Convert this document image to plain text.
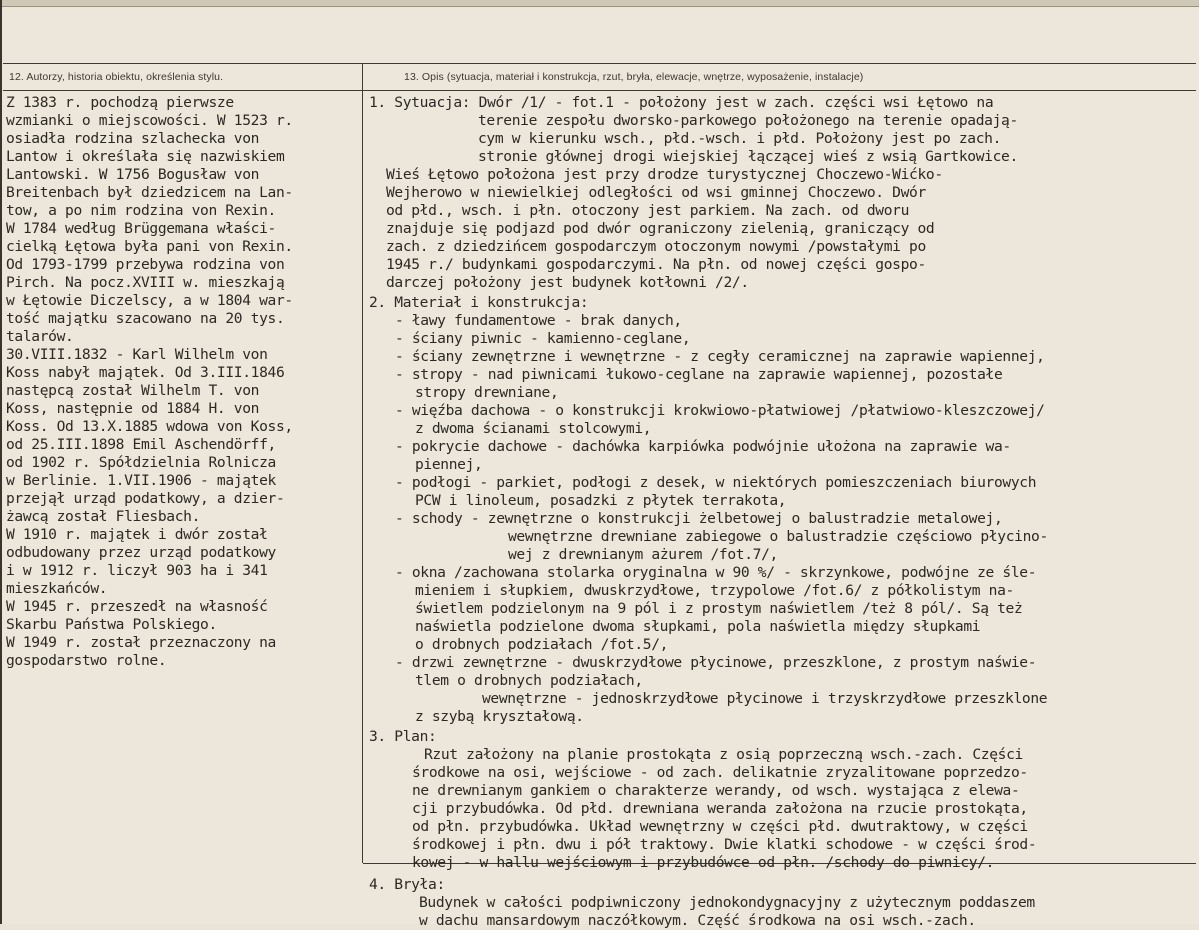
12. Autorzy, historia obiektu, określenia stylu.	13. Opis (sytuacja, materiał i konstrukcja, rzut, bryła, elewacje, wnętrze, wyposażenie, instalacje)
Z 1383 r. pochodzą pierwsze
wzmianki o miejscowości. W 1523 r.
osiadła rodzina szlachecka von
Lantow i określała się nazwiskiem
Lantowski. W 1756 Bogusław von
Breitenbach był dziedzicem na Lan-
tow, a po nim rodzina von Rexin.
W 1784 według Brüggemana właści-
cielką Łętowa była pani von Rexin.
Od 1793-1799 przebywa rodzina von
Pirch. Na pocz.XVIII w. mieszkają
w Łętowie Diczelscy, a w 1804 war-
tość majątku szacowano na 20 tys.
talarów.
30.VIII.1832 - Karl Wilhelm von
Koss nabył majątek. Od 3.III.1846
następcą został Wilhelm T. von
Koss, następnie od 1884 H. von
Koss. Od 13.X.1885 wdowa von Koss,
od 25.III.1898 Emil Aschendörff,
od 1902 r. Spółdzielnia Rolnicza
w Berlinie. 1.VII.1906 - majątek
przejął urząd podatkowy, a dzier-
żawcą został Fliesbach.
W 1910 r. majątek i dwór został
odbudowany przez urząd podatkowy
i w 1912 r. liczył 903 ha i 341
mieszkańców.
W 1945 r. przeszedł na własność
Skarbu Państwa Polskiego.
W 1949 r. został przeznaczony na
gospodarstwo rolne.
1. Sytuacja: Dwór /1/ - fot.1 - położony jest w zach. części wsi Łętowo na
terenie zespołu dworsko-parkowego położonego na terenie opadają-
cym w kierunku wsch., płd.-wsch. i płd. Położony jest po zach.
stronie głównej drogi wiejskiej łączącej wieś z wsią Gartkowice.
Wieś Łętowo położona jest przy drodze turystycznej Choczewo-Wićko-
Wejherowo w niewielkiej odległości od wsi gminnej Choczewo. Dwór
od płd., wsch. i płn. otoczony jest parkiem. Na zach. od dworu
znajduje się podjazd pod dwór ograniczony zielenią, graniczący od
zach. z dziedzińcem gospodarczym otoczonym nowymi /powstałymi po
1945 r./ budynkami gospodarczymi. Na płn. od nowej części gospo-
darczej położony jest budynek kotłowni /2/.
2. Materiał i konstrukcja:
- ławy fundamentowe - brak danych,
- ściany piwnic - kamienno-ceglane,
- ściany zewnętrzne i wewnętrzne - z cegły ceramicznej na zaprawie wapiennej,
- stropy - nad piwnicami łukowo-ceglane na zaprawie wapiennej, pozostałe
stropy drewniane,
- więźba dachowa - o konstrukcji krokwiowo-płatwiowej /płatwiowo-kleszczowej/
z dwoma ścianami stolcowymi,
- pokrycie dachowe - dachówka karpiówka podwójnie ułożona na zaprawie wa-
piennej,
- podłogi - parkiet, podłogi z desek, w niektórych pomieszczeniach biurowych
PCW i linoleum, posadzki z płytek terrakota,
- schody - zewnętrzne o konstrukcji żelbetowej o balustradzie metalowej,
wewnętrzne drewniane zabiegowe o balustradzie częściowo płycino-
wej z drewnianym ażurem /fot.7/,
- okna /zachowana stolarka oryginalna w 90 %/ - skrzynkowe, podwójne ze śle-
mieniem i słupkiem, dwuskrzydłowe, trzypolowe /fot.6/ z półkolistym na-
świetlem podzielonym na 9 pól i z prostym naświetlem /też 8 pól/. Są też
naświetla podzielone dwoma słupkami, pola naświetla między słupkami
o drobnych podziałach /fot.5/,
- drzwi zewnętrzne - dwuskrzydłowe płycinowe, przeszklone, z prostym naświe-
tlem o drobnych podziałach,
wewnętrzne - jednoskrzydłowe płycinowe i trzyskrzydłowe przeszklone
z szybą kryształową.
3. Plan:
Rzut założony na planie prostokąta z osią poprzeczną wsch.-zach. Części
środkowe na osi, wejściowe - od zach. delikatnie zryzalitowane poprzedzo-
ne drewnianym gankiem o charakterze werandy, od wsch. wystająca z elewa-
cji przybudówka. Od płd. drewniana weranda założona na rzucie prostokąta,
od płn. przybudówka. Układ wewnętrzny w części płd. dwutraktowy, w części
środkowej i płn. dwu i pół traktowy. Dwie klatki schodowe - w części środ-
kowej - w hallu wejściowym i przybudówce od płn. /schody do piwnicy/.
4. Bryła:
Budynek w całości podpiwniczony jednokondygnacyjny z użytecznym poddaszem
w dachu mansardowym naczółkowym. Część środkowa na osi wsch.-zach.
